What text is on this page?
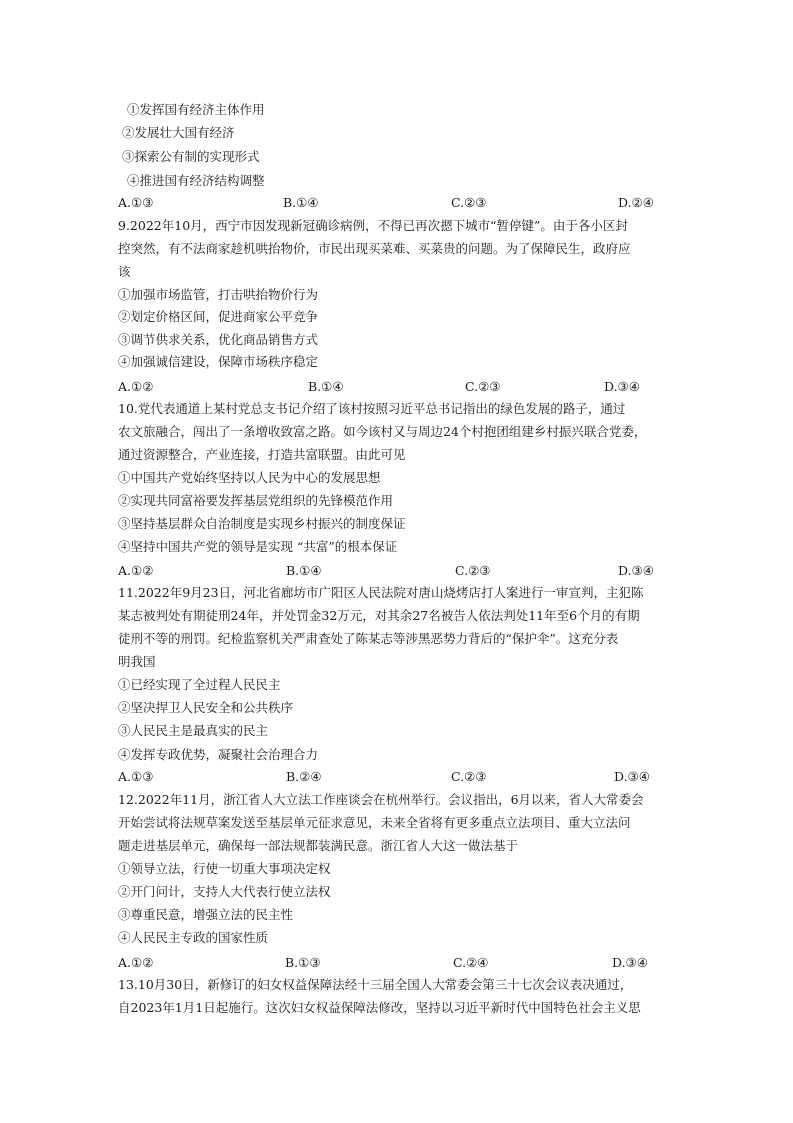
①发挥国有经济主体作用
②发展壮大国有经济
③探索公有制的实现形式
④推进国有经济结构调整
A.①③	B.①④	C.②③	D.②④
9.2022年10月，西宁市因发现新冠确诊病例，不得已再次摁下城市“暂停键”。由于各小区封
控突然，有不法商家趁机哄抬物价，市民出现买菜难、买菜贵的问题。为了保障民生，政府应
该
①加强市场监管，打击哄抬物价行为
②划定价格区间，促进商家公平竞争
③调节供求关系，优化商品销售方式
④加强诚信建设，保障市场秩序稳定
A.①②	B.①④	C.②③	D.③④
10.党代表通道上某村党总支书记介绍了该村按照习近平总书记指出的绿色发展的路子，通过
农文旅融合，闯出了一条增收致富之路。如今该村又与周边24个村抱团组建乡村振兴联合党委，
通过资源整合，产业连接，打造共富联盟。由此可见
①中国共产党始终坚持以人民为中心的发展思想
②实现共同富裕要发挥基层党组织的先锋模范作用
③坚持基层群众自治制度是实现乡村振兴的制度保证
④坚持中国共产党的领导是实现 “共富”的根本保证
A.①②	B.①④	C.②③	D.③④
11.2022年9月23日，河北省廊坊市广阳区人民法院对唐山烧烤店打人案进行一审宣判，主犯陈
某志被判处有期徒刑24年，并处罚金32万元，对其余27名被告人依法判处11年至6个月的有期
徒刑不等的刑罚。纪检监察机关严肃查处了陈某志等涉黑恶势力背后的“保护伞”。这充分表
明我国
①已经实现了全过程人民民主
②坚决捍卫人民安全和公共秩序
③人民民主是最真实的民主
④发挥专政优势，凝聚社会治理合力
A.①③	B.②④	C.②③	D.③④
12.2022年11月，浙江省人大立法工作座谈会在杭州举行。会议指出，6月以来，省人大常委会
开始尝试将法规草案发送至基层单元征求意见，未来全省将有更多重点立法项目、重大立法问
题走进基层单元，确保每一部法规都装满民意。浙江省人大这一做法基于
①领导立法，行使一切重大事项决定权
②开门问计，支持人大代表行使立法权
③尊重民意，增强立法的民主性
④人民民主专政的国家性质
A.①②	B.①③	C.②④	D.③④
13.10月30日，新修订的妇女权益保障法经十三届全国人大常委会第三十七次会议表决通过，
自2023年1月1日起施行。这次妇女权益保障法修改，坚持以习近平新时代中国特色社会主义思
